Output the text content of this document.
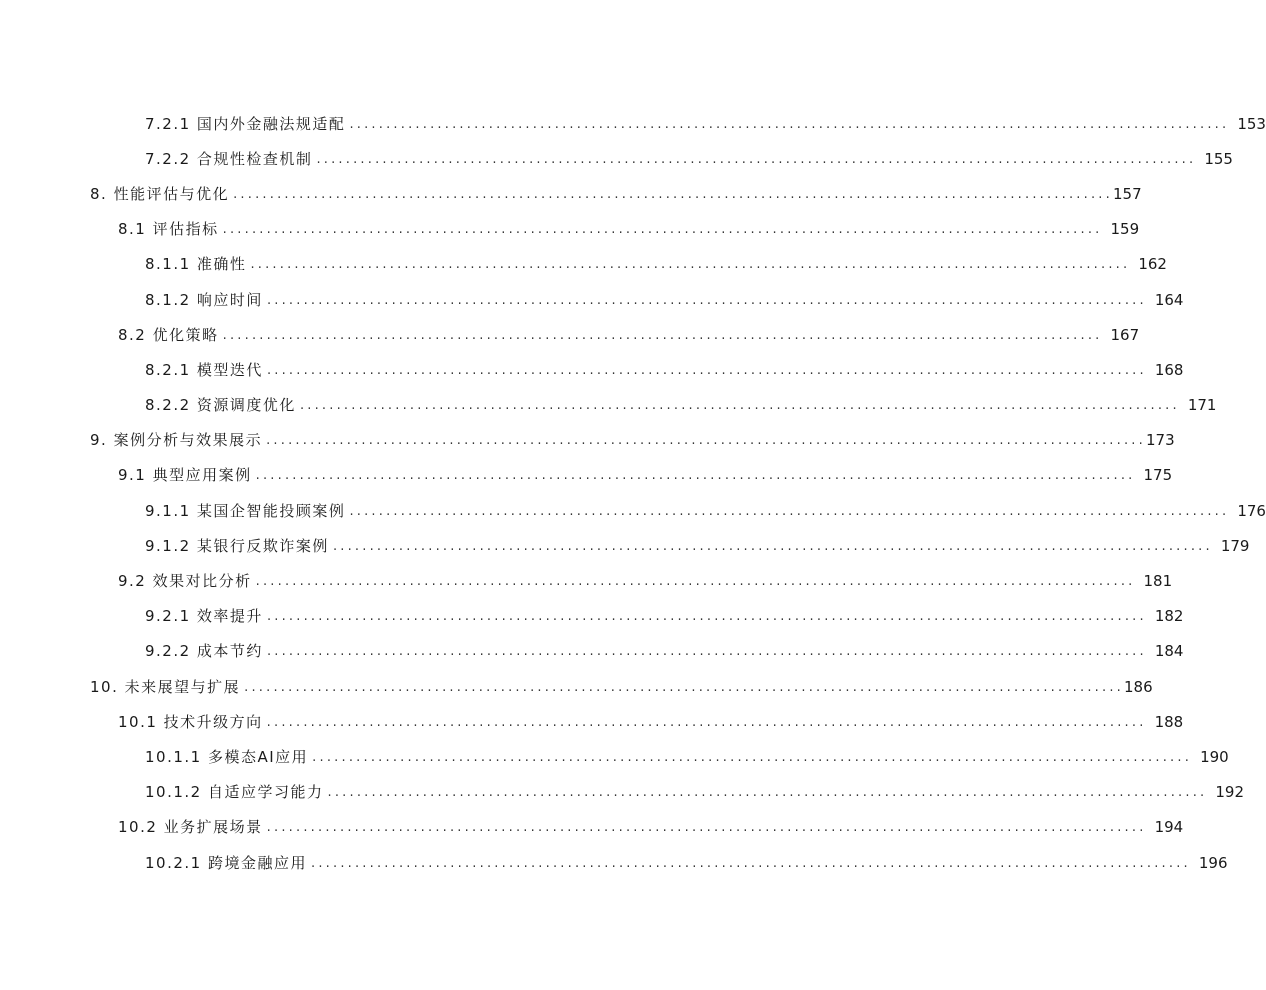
7.2.1 国内外金融法规适配 ........................................................................................................................ 153
7.2.2 合规性检查机制 ........................................................................................................................ 155
8. 性能评估与优化 ........................................................................................................................ 157
8.1 评估指标 ........................................................................................................................ 159
8.1.1 准确性 ........................................................................................................................ 162
8.1.2 响应时间 ........................................................................................................................ 164
8.2 优化策略 ........................................................................................................................ 167
8.2.1 模型迭代 ........................................................................................................................ 168
8.2.2 资源调度优化 ........................................................................................................................ 171
9. 案例分析与效果展示 ........................................................................................................................ 173
9.1 典型应用案例 ........................................................................................................................ 175
9.1.1 某国企智能投顾案例 ........................................................................................................................ 176
9.1.2 某银行反欺诈案例 ........................................................................................................................ 179
9.2 效果对比分析 ........................................................................................................................ 181
9.2.1 效率提升 ........................................................................................................................ 182
9.2.2 成本节约 ........................................................................................................................ 184
10. 未来展望与扩展 ........................................................................................................................ 186
10.1 技术升级方向 ........................................................................................................................ 188
10.1.1 多模态AI应用 ........................................................................................................................ 190
10.1.2 自适应学习能力 ........................................................................................................................ 192
10.2 业务扩展场景 ........................................................................................................................ 194
10.2.1 跨境金融应用 ........................................................................................................................ 196
